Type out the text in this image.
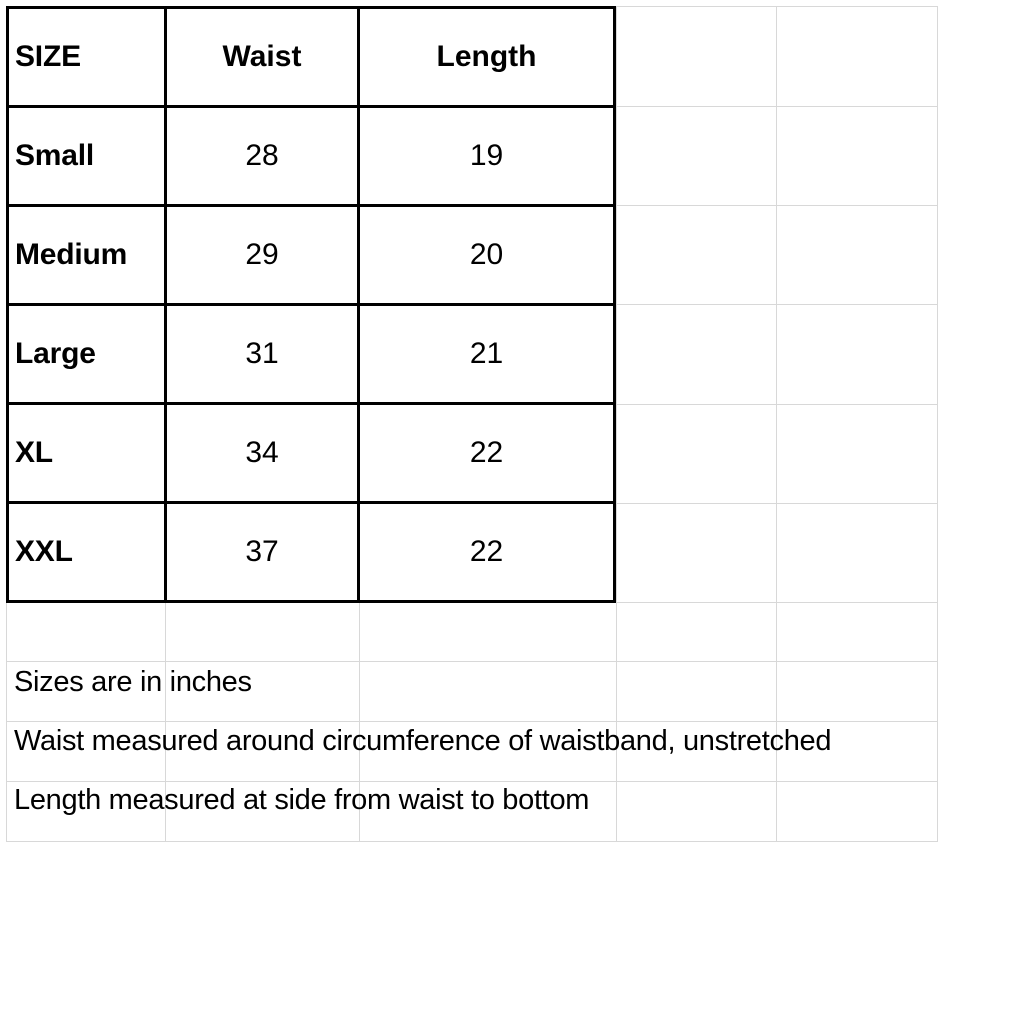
SIZE	Waist	Length
Small	28	19
Medium	29	20
Large	31	21
XL	34	22
XXL	37	22
Sizes are in inches
Waist measured around circumference of waistband, unstretched
Length measured at side from waist to bottom
